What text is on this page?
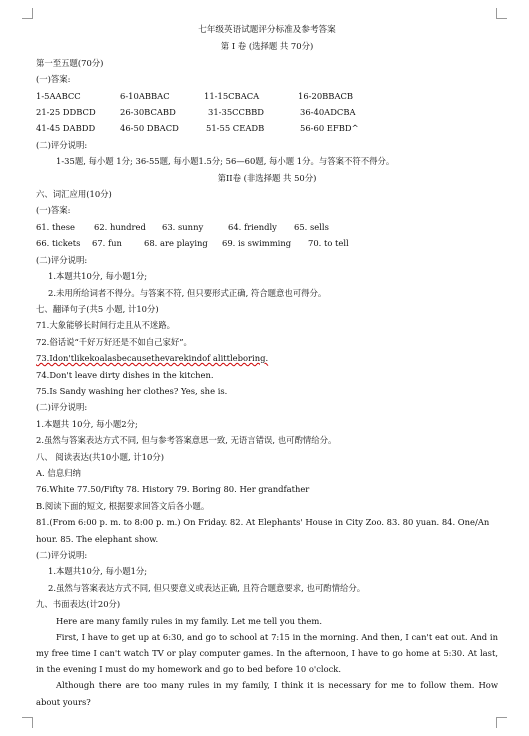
七年级英语试题评分标准及参考答案
第 I 卷 (选择题 共 70分)
第一至五题(70分)
(一)答案:
1-5AABCC	6-10ABBAC	11-15CBACA	16-20BBACB
21-25 DDBCD	26-30BCABD	31-35CCBBD	36-40ADCBA
41-45 DABDD	46-50 DBACD	51-55 CEADB	56-60 EFBD^
(二)评分说明:
1-35题, 每小题 1分; 36-55题, 每小题1.5分; 56—60题, 每小题 1分。与答案不符不得分。
第II卷 (非选择题 共 50分)
六、词汇应用(10分)
(一)答案:
61. these	62. hundred	63. sunny	64. friendly	65. sells
66. tickets	67. fun	68. are playing	69. is swimming	70. to tell
(二)评分说明:
1.本题共10分, 每小题1分;
2.未用所给词者不得分。与答案不符, 但只要形式正确, 符合题意也可得分。
七、翻译句子(共5 小题, 计10分)
71.大象能够长时间行走且从不迷路。
72.俗话说“千好万好还是不如自己家好”。
73.Idon'tlikekoalasbecausethevarekindof alittleboring.
74.Don't leave dirty dishes in the kitchen.
75.Is Sandy washing her clothes? Yes, she is.
(二)评分说明:
1.本题共 10分, 每小题2分;
2.虽然与答案表达方式不同, 但与参考答案意思一致, 无语言错误, 也可酌情给分。
八、 阅读表达(共10小题, 计10分)
A. 信息归纳
76.White 77.50/Fifty 78. History 79. Boring 80. Her grandfather
B.阅读下面的短文, 根据要求回答文后各小题。
81.(From 6:00 p. m. to 8:00 p. m.) On Friday. 82. At Elephants' House in City Zoo. 83. 80 yuan. 84. One/An
hour. 85. The elephant show.
(二)评分说明:
1.本题共10分, 每小题1分;
2.虽然与答案表达方式不同, 但只要意义或表达正确, 且符合题意要求, 也可酌情给分。
九、书面表达(计20分)
Here are many family rules in my family. Let me tell you them.
First, I have to get up at 6:30, and go to school at 7:15 in the morning. And then, I can't eat out. And in my free time I can't watch TV or play computer games. In the afternoon, I have to go home at 5:30. At last, in the evening I must do my homework and go to bed before 10 o'clock.
Although there are too many rules in my family, I think it is necessary for me to follow them. How about yours?
